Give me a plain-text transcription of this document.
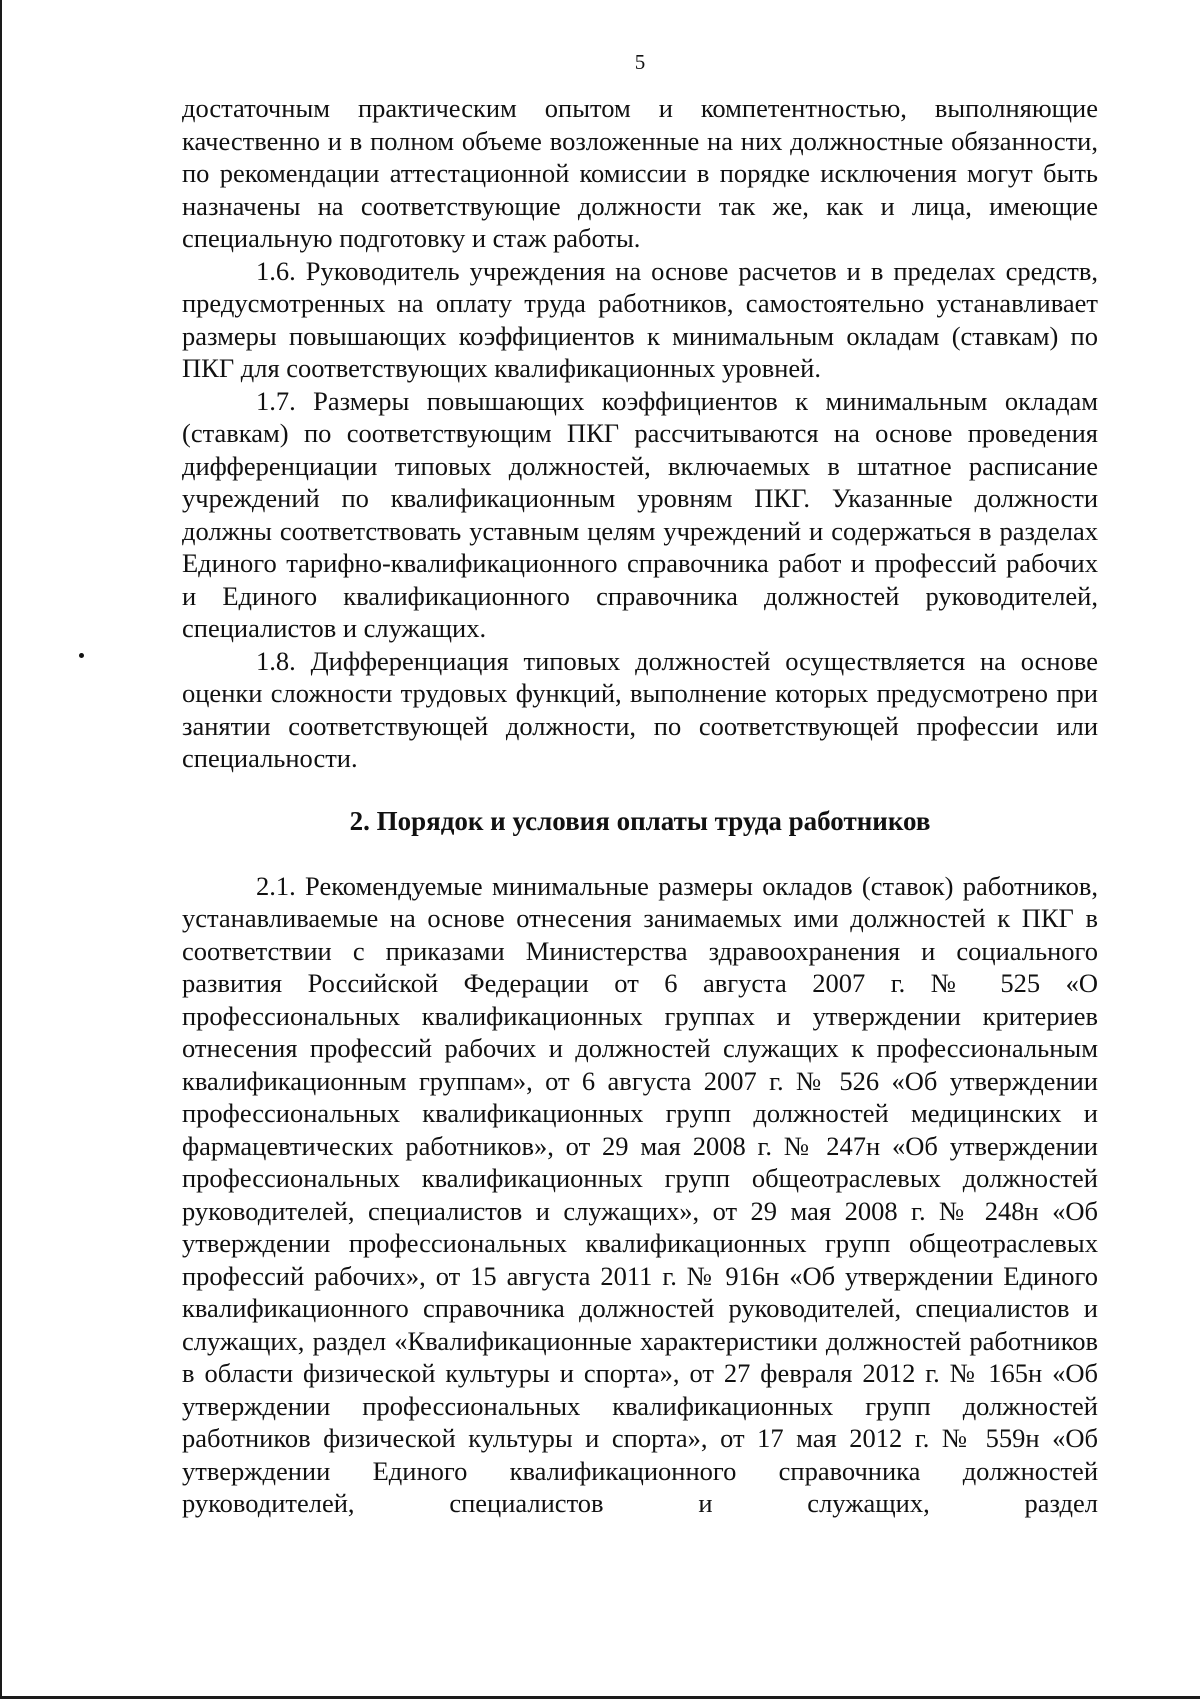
5

достаточным практическим опытом и компетентностью, выполняющие качественно и в полном объеме возложенные на них должностные обязанности, по рекомендации аттестационной комиссии в порядке исключения могут быть назначены на соответствующие должности так же, как и лица, имеющие специальную подготовку и стаж работы.

1.6. Руководитель учреждения на основе расчетов и в пределах средств, предусмотренных на оплату труда работников, самостоятельно устанавливает размеры повышающих коэффициентов к минимальным окладам (ставкам) по ПКГ для соответствующих квалификационных уровней.

1.7. Размеры повышающих коэффициентов к минимальным окладам (ставкам) по соответствующим ПКГ рассчитываются на основе проведения дифференциации типовых должностей, включаемых в штатное расписание учреждений по квалификационным уровням ПКГ. Указанные должности должны соответствовать уставным целям учреждений и содержаться в разделах Единого тарифно-квалификационного справочника работ и профессий рабочих и Единого квалификационного справочника должностей руководителей, специалистов и служащих.

1.8. Дифференциация типовых должностей осуществляется на основе оценки сложности трудовых функций, выполнение которых предусмотрено при занятии соответствующей должности, по соответствующей профессии или специальности.

2. Порядок и условия оплаты труда работников

2.1. Рекомендуемые минимальные размеры окладов (ставок) работников, устанавливаемые на основе отнесения занимаемых ими должностей к ПКГ в соответствии с приказами Министерства здравоохранения и социального развития Российской Федерации от 6 августа 2007 г. № 525 «О профессиональных квалификационных группах и утверждении критериев отнесения профессий рабочих и должностей служащих к профессиональным квалификационным группам», от 6 августа 2007 г. № 526 «Об утверждении профессиональных квалификационных групп должностей медицинских и фармацевтических работников», от 29 мая 2008 г. № 247н «Об утверждении профессиональных квалификационных групп общеотраслевых должностей руководителей, специалистов и служащих», от 29 мая 2008 г. № 248н «Об утверждении профессиональных квалификационных групп общеотраслевых профессий рабочих», от 15 августа 2011 г. № 916н «Об утверждении Единого квалификационного справочника должностей руководителей, специалистов и служащих, раздел «Квалификационные характеристики должностей работников в области физической культуры и спорта», от 27 февраля 2012 г. № 165н «Об утверждении профессиональных квалификационных групп должностей работников физической культуры и спорта», от 17 мая 2012 г. № 559н «Об утверждении Единого квалификационного справочника должностей руководителей, специалистов и служащих, раздел
